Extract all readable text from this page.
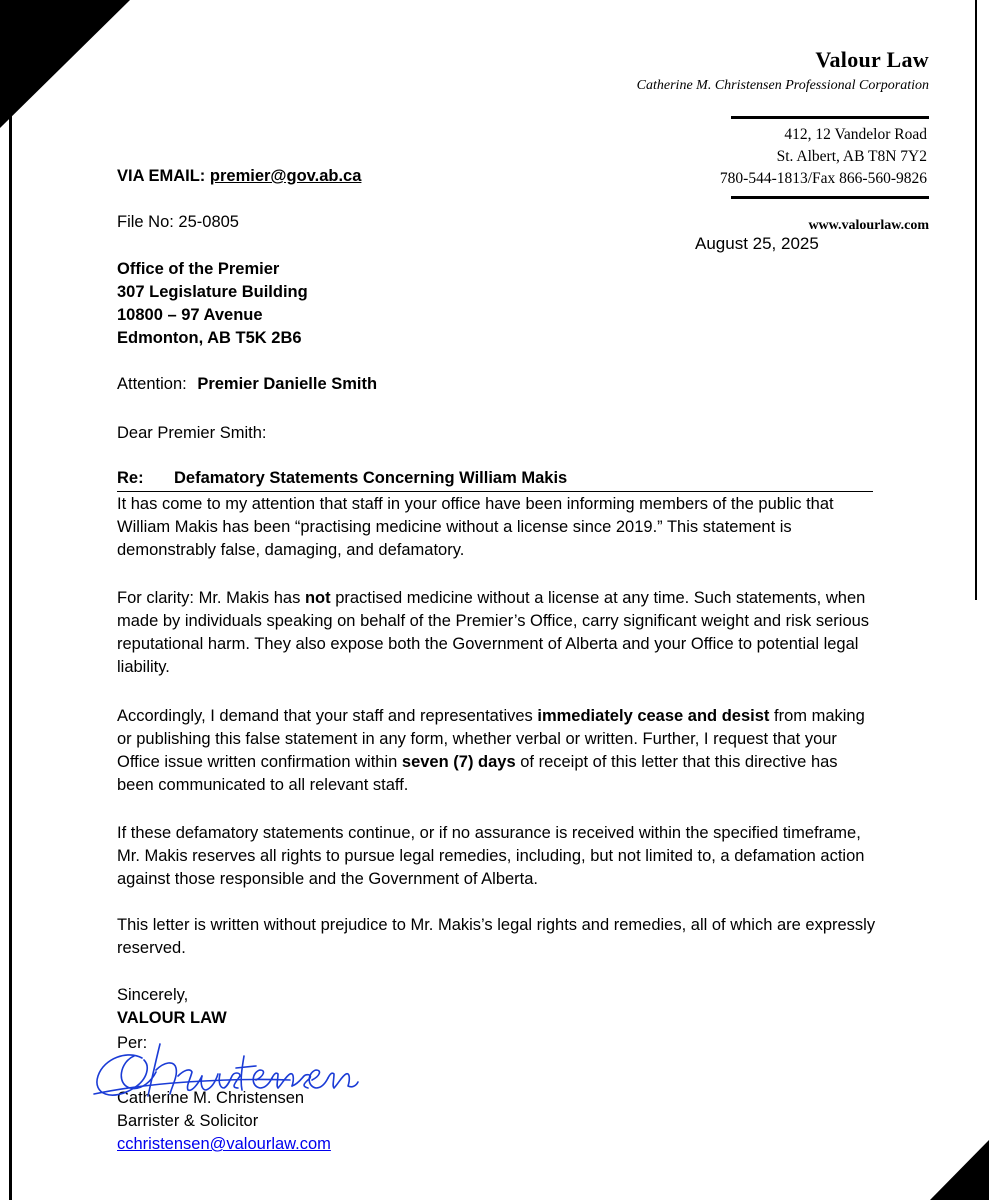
Valour Law
Catherine M. Christensen Professional Corporation
412, 12 Vandelor Road
St. Albert, AB T8N 7Y2
780-544-1813/Fax 866-560-9826
www.valourlaw.com
August 25, 2025
VIA EMAIL: premier@gov.ab.ca
File No: 25-0805
Office of the Premier
307 Legislature Building
10800 – 97 Avenue
Edmonton, AB T5K 2B6
Attention: Premier Danielle Smith
Dear Premier Smith:
Re: Defamatory Statements Concerning William Makis
It has come to my attention that staff in your office have been informing members of the public that William Makis has been “practising medicine without a license since 2019.” This statement is demonstrably false, damaging, and defamatory.
For clarity: Mr. Makis has not practised medicine without a license at any time. Such statements, when made by individuals speaking on behalf of the Premier’s Office, carry significant weight and risk serious reputational harm. They also expose both the Government of Alberta and your Office to potential legal liability.
Accordingly, I demand that your staff and representatives immediately cease and desist from making or publishing this false statement in any form, whether verbal or written. Further, I request that your Office issue written confirmation within seven (7) days of receipt of this letter that this directive has been communicated to all relevant staff.
If these defamatory statements continue, or if no assurance is received within the specified timeframe, Mr. Makis reserves all rights to pursue legal remedies, including, but not limited to, a defamation action against those responsible and the Government of Alberta.
This letter is written without prejudice to Mr. Makis’s legal rights and remedies, all of which are expressly reserved.
Sincerely,
VALOUR LAW
Per:
Catherine M. Christensen
Barrister & Solicitor
cchristensen@valourlaw.com
